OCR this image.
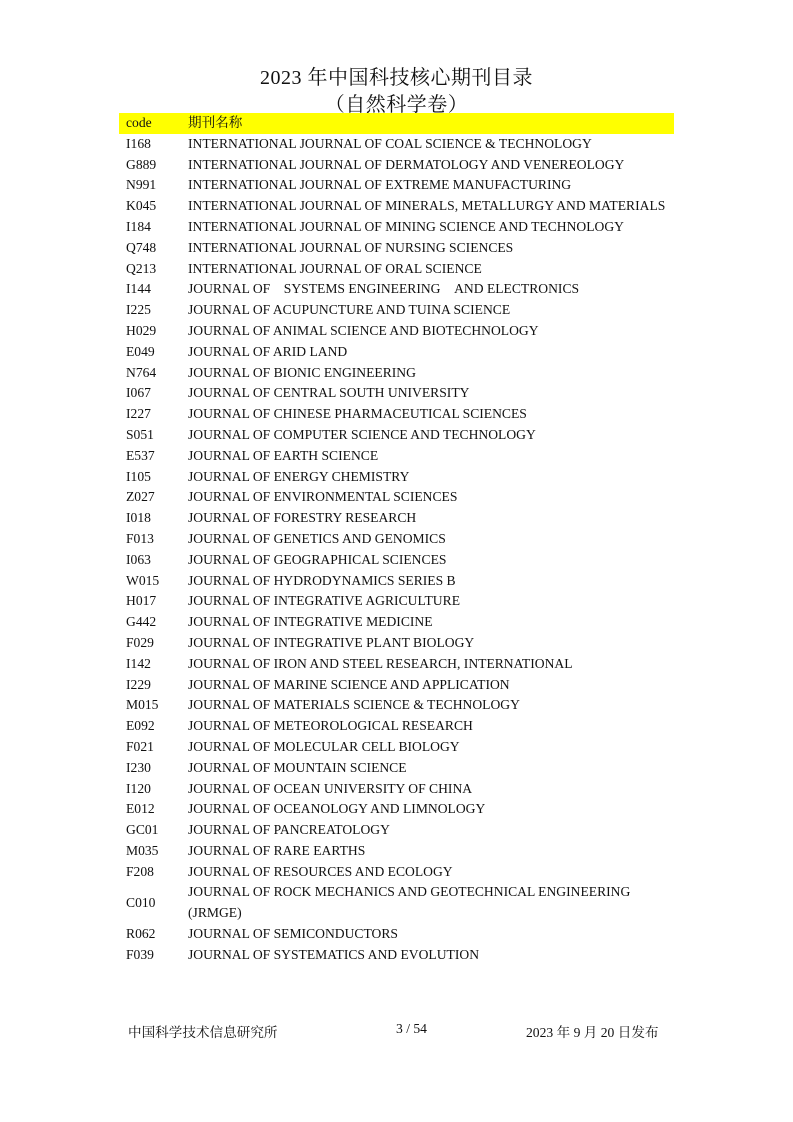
2023 年中国科技核心期刊目录
（自然科学卷）
code	期刊名称
I168	INTERNATIONAL JOURNAL OF COAL SCIENCE & TECHNOLOGY
G889	INTERNATIONAL JOURNAL OF DERMATOLOGY AND VENEREOLOGY
N991	INTERNATIONAL JOURNAL OF EXTREME MANUFACTURING
K045	INTERNATIONAL JOURNAL OF MINERALS, METALLURGY AND MATERIALS
I184	INTERNATIONAL JOURNAL OF MINING SCIENCE AND TECHNOLOGY
Q748	INTERNATIONAL JOURNAL OF NURSING SCIENCES
Q213	INTERNATIONAL JOURNAL OF ORAL SCIENCE
I144	JOURNAL OF　SYSTEMS ENGINEERING　AND ELECTRONICS
I225	JOURNAL OF ACUPUNCTURE AND TUINA SCIENCE
H029	JOURNAL OF ANIMAL SCIENCE AND BIOTECHNOLOGY
E049	JOURNAL OF ARID LAND
N764	JOURNAL OF BIONIC ENGINEERING
I067	JOURNAL OF CENTRAL SOUTH UNIVERSITY
I227	JOURNAL OF CHINESE PHARMACEUTICAL SCIENCES
S051	JOURNAL OF COMPUTER SCIENCE AND TECHNOLOGY
E537	JOURNAL OF EARTH SCIENCE
I105	JOURNAL OF ENERGY CHEMISTRY
Z027	JOURNAL OF ENVIRONMENTAL SCIENCES
I018	JOURNAL OF FORESTRY RESEARCH
F013	JOURNAL OF GENETICS AND GENOMICS
I063	JOURNAL OF GEOGRAPHICAL SCIENCES
W015	JOURNAL OF HYDRODYNAMICS SERIES B
H017	JOURNAL OF INTEGRATIVE AGRICULTURE
G442	JOURNAL OF INTEGRATIVE MEDICINE
F029	JOURNAL OF INTEGRATIVE PLANT BIOLOGY
I142	JOURNAL OF IRON AND STEEL RESEARCH, INTERNATIONAL
I229	JOURNAL OF MARINE SCIENCE AND APPLICATION
M015	JOURNAL OF MATERIALS SCIENCE & TECHNOLOGY
E092	JOURNAL OF METEOROLOGICAL RESEARCH
F021	JOURNAL OF MOLECULAR CELL BIOLOGY
I230	JOURNAL OF MOUNTAIN SCIENCE
I120	JOURNAL OF OCEAN UNIVERSITY OF CHINA
E012	JOURNAL OF OCEANOLOGY AND LIMNOLOGY
GC01	JOURNAL OF PANCREATOLOGY
M035	JOURNAL OF RARE EARTHS
F208	JOURNAL OF RESOURCES AND ECOLOGY
C010	JOURNAL OF ROCK MECHANICS AND GEOTECHNICAL ENGINEERING (JRMGE)
R062	JOURNAL OF SEMICONDUCTORS
F039	JOURNAL OF SYSTEMATICS AND EVOLUTION
中国科学技术信息研究所	3 / 54	2023 年 9 月 20 日发布
